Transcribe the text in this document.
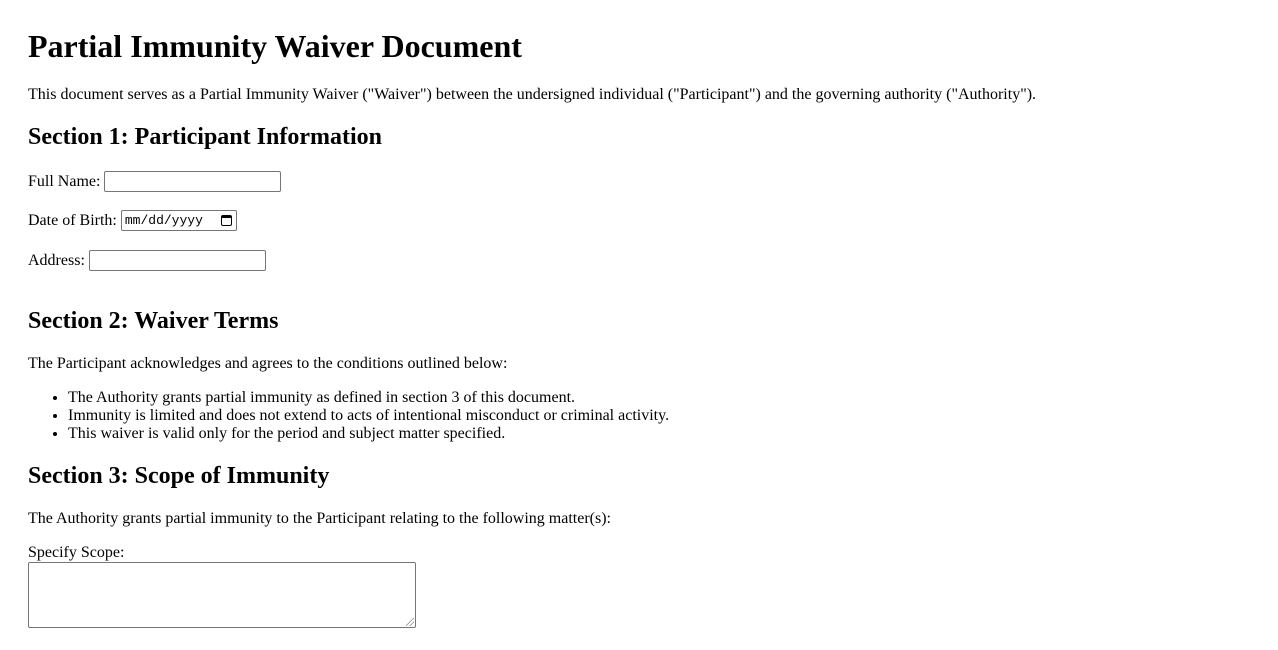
Partial Immunity Waiver Document

This document serves as a Partial Immunity Waiver ("Waiver") between the undersigned individual ("Participant") and the governing authority ("Authority").

Section 1: Participant Information
Full Name:
Date of Birth: mm/dd/yyyy
Address:
Section 2: Waiver Terms

The Participant acknowledges and agrees to the conditions outlined below:

• The Authority grants partial immunity as defined in section 3 of this document.
• Immunity is limited and does not extend to acts of intentional misconduct or criminal activity.
• This waiver is valid only for the period and subject matter specified.
Section 3: Scope of Immunity

The Authority grants partial immunity to the Participant relating to the following matter(s):

Specify Scope:
